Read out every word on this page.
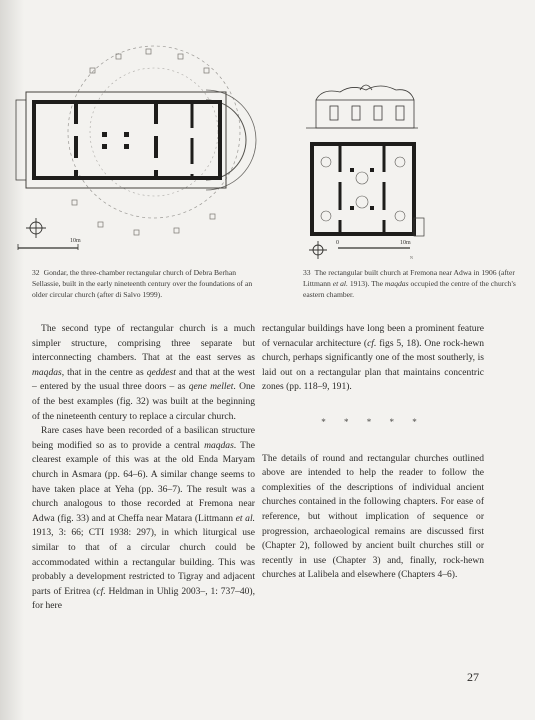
10m	0	10m
N
32 Gondar, the three-chamber rectangular church of Debra Berhan Sellassie, built in the early nineteenth century over the foundations of an older circular church (after di Salvo 1999).
33 The rectangular built church at Fremona near Adwa in 1906 (after Littmann et al. 1913). The maqdas occupied the centre of the church's eastern chamber.

The second type of rectangular church is a much simpler structure, comprising three separate but interconnecting chambers. That at the east serves as maqdas, that in the centre as qeddest and that at the west – entered by the usual three doors – as qene mellet. One of the best examples (fig. 32) was built at the beginning of the nineteenth century to replace a circular church.

Rare cases have been recorded of a basilican structure being modified so as to provide a central maqdas. The clearest example of this was at the old Enda Maryam church in Asmara (pp. 64–6). A similar change seems to have taken place at Yeha (pp. 36–7). The result was a church analogous to those recorded at Fremona near Adwa (fig. 33) and at Cheffa near Matara (Littmann et al. 1913, 3: 66; CTI 1938: 297), in which liturgical use similar to that of a circular church could be accommodated within a rectangular building. This was probably a development restricted to Tigray and adjacent parts of Eritrea (cf. Heldman in Uhlig 2003–, 1: 737–40), for here

rectangular buildings have long been a prominent feature of vernacular architecture (cf. figs 5, 18). One rock-hewn church, perhaps significantly one of the most southerly, is laid out on a rectangular plan that maintains concentric zones (pp. 118–9, 191).

* * * * *

The details of round and rectangular churches outlined above are intended to help the reader to follow the complexities of the descriptions of individual ancient churches contained in the following chapters. For ease of reference, but without implication of sequence or progression, archaeological remains are discussed first (Chapter 2), followed by ancient built churches still or recently in use (Chapter 3) and, finally, rock-hewn churches at Lalibela and elsewhere (Chapters 4–6).

27
